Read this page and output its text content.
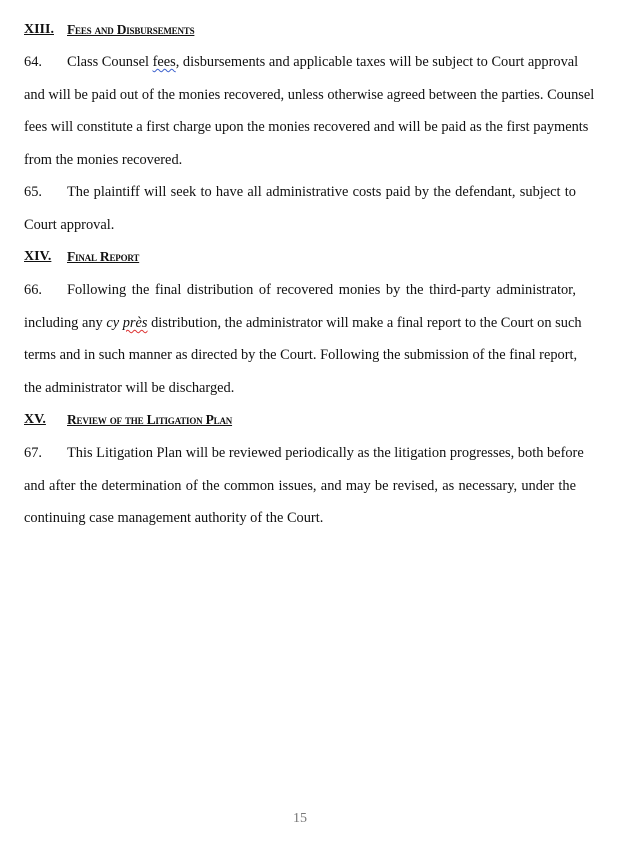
XIII. Fees and Disbursements
64. Class Counsel fees, disbursements and applicable taxes will be subject to Court approval
and will be paid out of the monies recovered, unless otherwise agreed between the parties. Counsel
fees will constitute a first charge upon the monies recovered and will be paid as the first payments
from the monies recovered.
65. The plaintiff will seek to have all administrative costs paid by the defendant, subject to
Court approval.
XIV. Final Report
66. Following the final distribution of recovered monies by the third-party administrator,
including any cy près distribution, the administrator will make a final report to the Court on such
terms and in such manner as directed by the Court. Following the submission of the final report,
the administrator will be discharged.
XV. Review of the Litigation Plan
67. This Litigation Plan will be reviewed periodically as the litigation progresses, both before
and after the determination of the common issues, and may be revised, as necessary, under the
continuing case management authority of the Court.
15
